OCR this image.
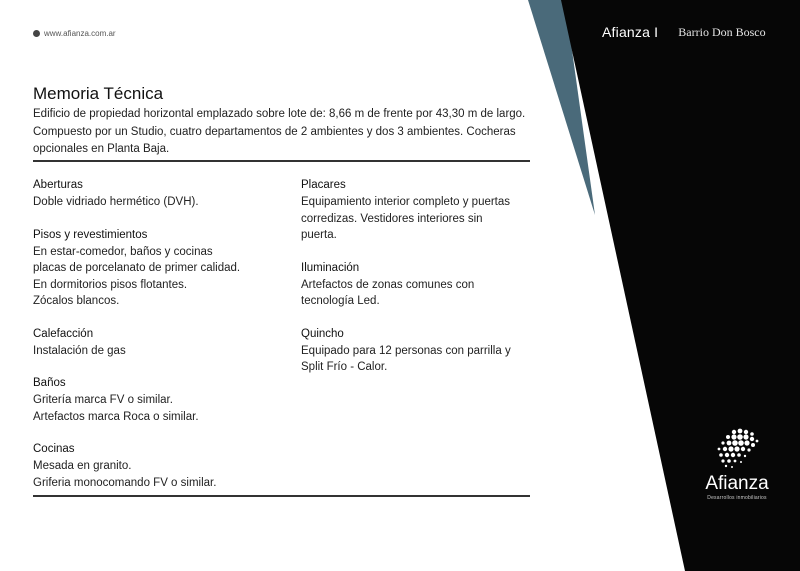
www.afianza.com.ar	Afianza I Barrio Don Bosco
Memoria Técnica

Edificio de propiedad horizontal emplazado sobre lote de: 8,66 m de frente por 43,30 m de largo. Compuesto por un Studio, cuatro departamentos de 2 ambientes y dos 3 ambientes. Cocheras opcionales en Planta Baja.

Aberturas

Doble vidriado hermético (DVH).

Pisos y revestimientos

En estar-comedor, baños y cocinas
placas de porcelanato de primer calidad.
En dormitorios pisos flotantes.
Zócalos blancos.

Calefacción

Instalación de gas

Baños

Gritería marca FV o similar.
Artefactos marca Roca o similar.

Cocinas

Mesada en granito.
Griferia monocomando FV o similar.

Placares

Equipamiento interior completo y puertas
corredizas. Vestidores interiores sin
puerta.

Iluminación

Artefactos de zonas comunes con
tecnología Led.

Quincho

Equipado para 12 personas con parrilla y
Split Frío - Calor.

Afianza
Desarrollos inmobiliarios
